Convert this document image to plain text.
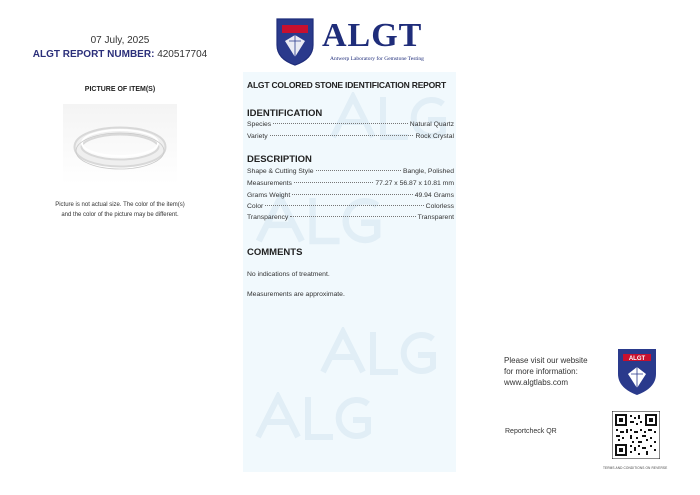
07 July, 2025
ALGT REPORT NUMBER: 420517704
PICTURE OF ITEM(S)
Picture is not actual size. The color of the item(s)
and the color of the picture may be different.
ALGT
Antwerp Laboratory for Gemstone Testing
ALGT COLORED STONE IDENTIFICATION REPORT
IDENTIFICATION
Species	Natural Quartz
Variety	Rock Crystal
DESCRIPTION
Shape & Cutting Style	Bangle, Polished
Measurements	77.27 x 56.87 x 10.81 mm
Grams Weight	49.94 Grams
Color	Colorless
Transparency	Transparent
COMMENTS
No indications of treatment.
Measurements are approximate.
Please visit our website
for more information:
www.algtlabs.com
ALGT
Reportcheck QR
TERMS AND CONDITIONS ON REVERSE
